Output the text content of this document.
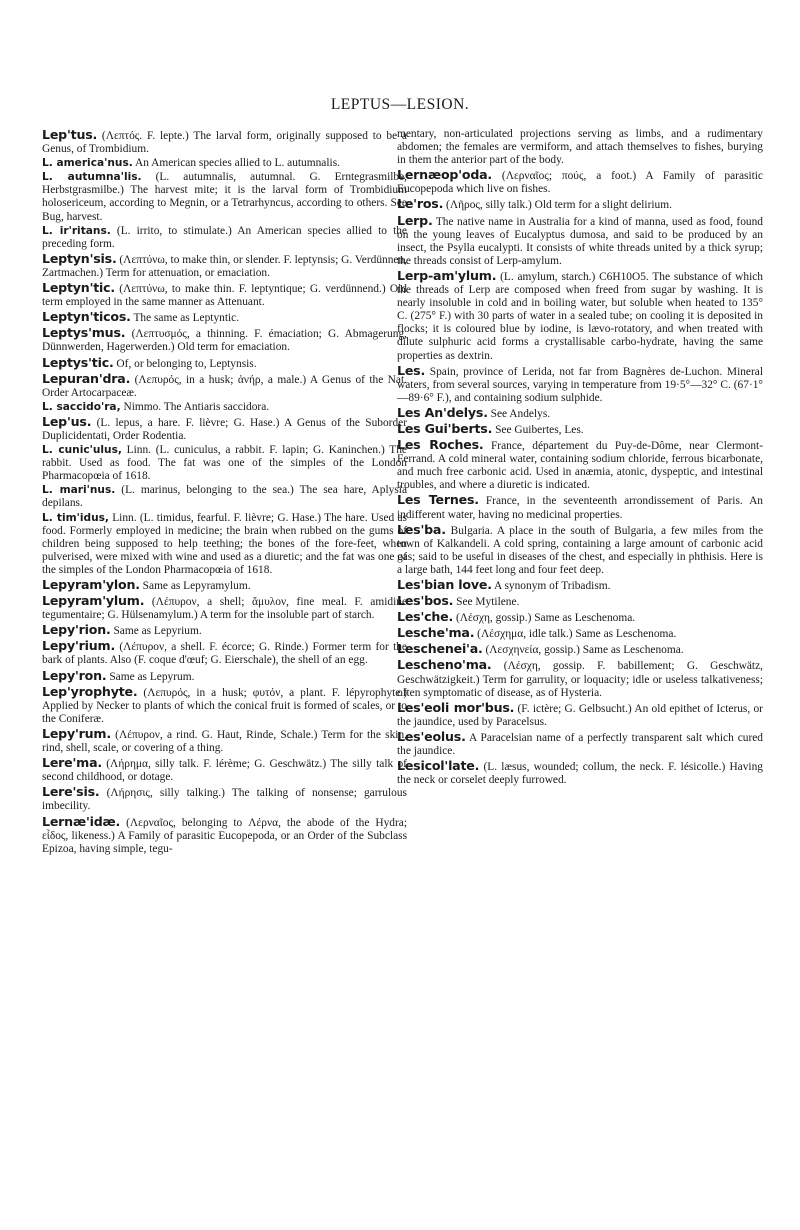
LEPTUS—LESION.

Lep'tus. (Λεπτός. F. lepte.) The larval form, originally supposed to be a Genus, of Trombidium.

L. america'nus. An American species allied to L. autumnalis.

L. autumna'lis. (L. autumnalis, autumnal. G. Erntegrasmilbe, Herbstgrasmilbe.) The harvest mite; it is the larval form of Trombidium holosericeum, according to Megnin, or a Tetrarhyncus, according to others. See Bug, harvest.

L. ir'ritans. (L. irrito, to stimulate.) An American species allied to the preceding form.

Leptyn'sis. (Λεπτύνω, to make thin, or slender. F. leptynsis; G. Verdünnen, Zartmachen.) Term for attenuation, or emaciation.

Leptyn'tic. (Λεπτύνω, to make thin. F. leptyntique; G. verdünnend.) Old term employed in the same manner as Attenuant.

Leptyn'ticos. The same as Leptyntic.

Leptys'mus. (Λεπτυσμός, a thinning. F. émaciation; G. Abmagerung, Dünnwerden, Hagerwerden.) Old term for emaciation.

Leptys'tic. Of, or belonging to, Leptynsis.

Lepuran'dra. (Λεπυρός, in a husk; ἀνήρ, a male.) A Genus of the Nat. Order Artocarpaceæ.

L. saccido'ra, Nimmo. The Antiaris saccidora.

Lep'us. (L. lepus, a hare. F. lièvre; G. Hase.) A Genus of the Suborder Duplicidentati, Order Rodentia.

L. cunic'ulus, Linn. (L. cuniculus, a rabbit. F. lapin; G. Kaninchen.) The rabbit. Used as food. The fat was one of the simples of the London Pharmacopœia of 1618.

L. mari'nus. (L. marinus, belonging to the sea.) The sea hare, Aplysia depilans.

L. tim'idus, Linn. (L. timidus, fearful. F. lièvre; G. Hase.) The hare. Used as food. Formerly employed in medicine; the brain when rubbed on the gums of children being supposed to help teething; the bones of the fore-feet, when pulverised, were mixed with wine and used as a diuretic; and the fat was one of the simples of the London Pharmacopœia of 1618.

Lepyram'ylon. Same as Lepyramylum.

Lepyram'ylum. (Λέπυρον, a shell; ἄμυλον, fine meal. F. amidine tegumentaire; G. Hülsenamylum.) A term for the insoluble part of starch.

Lepy'rion. Same as Lepyrium.

Lepy'rium. (Λέπυρον, a shell. F. écorce; G. Rinde.) Former term for the bark of plants. Also (F. coque d'œuf; G. Eierschale), the shell of an egg.

Lepy'ron. Same as Lepyrum.

Lep'yrophyte. (Λεπυρός, in a husk; φυτόν, a plant. F. lépyrophyte.) Applied by Necker to plants of which the conical fruit is formed of scales, or to the Coniferæ.

Lepy'rum. (Λέπυρον, a rind. G. Haut, Rinde, Schale.) Term for the skin, rind, shell, scale, or covering of a thing.

Lere'ma. (Λήρημα, silly talk. F. lérème; G. Geschwätz.) The silly talk of second childhood, or dotage.

Lere'sis. (Λήρησις, silly talking.) The talking of nonsense; garrulous imbecility.

Lernæ'idæ. (Λερναῖος, belonging to Λέρνα, the abode of the Hydra; εἶδος, likeness.) A Family of parasitic Eucopepoda, or an Order of the Subclass Epizoa, having simple, tegu-

mentary, non-articulated projections serving as limbs, and a rudimentary abdomen; the females are vermiform, and attach themselves to fishes, burying in them the anterior part of the body.

Lernæop'oda. (Λερναῖος; πούς, a foot.) A Family of parasitic Eucopepoda which live on fishes.

Le'ros. (Λῆρος, silly talk.) Old term for a slight delirium.

Lerp. The native name in Australia for a kind of manna, used as food, found on the young leaves of Eucalyptus dumosa, and said to be produced by an insect, the Psylla eucalypti. It consists of white threads united by a thick syrup; the threads consist of Lerp-amylum.

Lerp-am'ylum. (L. amylum, starch.) C6H10O5. The substance of which the threads of Lerp are composed when freed from sugar by washing. It is nearly insoluble in cold and in boiling water, but soluble when heated to 135° C. (275° F.) with 30 parts of water in a sealed tube; on cooling it is deposited in flocks; it is coloured blue by iodine, is lævo-rotatory, and when treated with dilute sulphuric acid forms a crystallisable carbo-hydrate, having the same properties as dextrin.

Les. Spain, province of Lerida, not far from Bagnères de-Luchon. Mineral waters, from several sources, varying in temperature from 19·5°—32° C. (67·1°—89·6° F.), and containing sodium sulphide.

Les An'delys. See Andelys.

Les Gui'berts. See Guibertes, Les.

Les Roches. France, département du Puy-de-Dôme, near Clermont-Ferrand. A cold mineral water, containing sodium chloride, ferrous bicarbonate, and much free carbonic acid. Used in anæmia, atonic, dyspeptic, and intestinal troubles, and where a diuretic is indicated.

Les Ternes. France, in the seventeenth arrondissement of Paris. An indifferent water, having no medicinal properties.

Les'ba. Bulgaria. A place in the south of Bulgaria, a few miles from the town of Kalkandeli. A cold spring, containing a large amount of carbonic acid gas; said to be useful in diseases of the chest, and especially in phthisis. Here is a large bath, 144 feet long and four feet deep.

Les'bian love. A synonym of Tribadism.

Les'bos. See Mytilene.

Les'che. (Λέσχη, gossip.) Same as Leschenoma.

Lesche'ma. (Λέσχημα, idle talk.) Same as Leschenoma.

Leschenei'a. (Λεσχηνεία, gossip.) Same as Leschenoma.

Lescheno'ma. (Λέσχη, gossip. F. babillement; G. Geschwätz, Geschwätzigkeit.) Term for garrulity, or loquacity; idle or useless talkativeness; often symptomatic of disease, as of Hysteria.

Les'eoli mor'bus. (F. ictère; G. Gelbsucht.) An old epithet of Icterus, or the jaundice, used by Paracelsus.

Les'eolus. A Paracelsian name of a perfectly transparent salt which cured the jaundice.

Lesicol'late. (L. læsus, wounded; collum, the neck. F. lésicolle.) Having the neck or corselet deeply furrowed.
